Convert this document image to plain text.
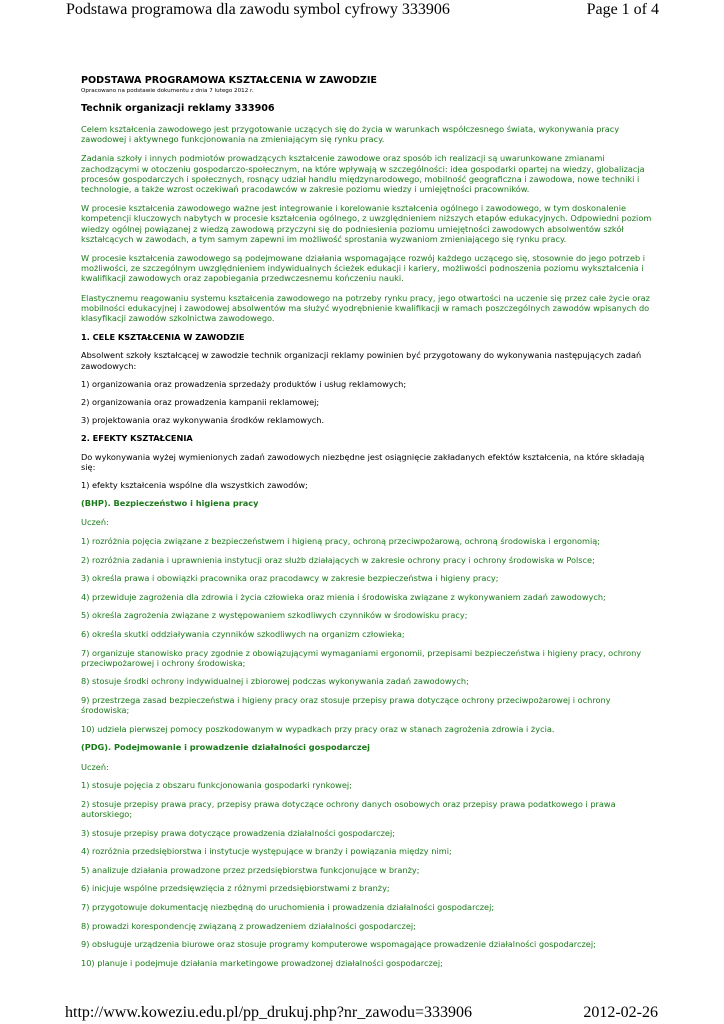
Podstawa programowa dla zawodu symbol cyfrowy 333906	Page 1 of 4

PODSTAWA PROGRAMOWA KSZTAŁCENIA W ZAWODZIE

Opracowano na podstawie dokumentu z dnia 7 lutego 2012 r.

Technik organizacji reklamy 333906

Celem kształcenia zawodowego jest przygotowanie uczących się do życia w warunkach współczesnego świata, wykonywania pracy zawodowej i aktywnego funkcjonowania na zmieniającym się rynku pracy.

Zadania szkoły i innych podmiotów prowadzących kształcenie zawodowe oraz sposób ich realizacji są uwarunkowane zmianami zachodzącymi w otoczeniu gospodarczo-społecznym, na które wpływają w szczególności: idea gospodarki opartej na wiedzy, globalizacja procesów gospodarczych i społecznych, rosnący udział handlu międzynarodowego, mobilność geograficzna i zawodowa, nowe techniki i technologie, a także wzrost oczekiwań pracodawców w zakresie poziomu wiedzy i umiejętności pracowników.

W procesie kształcenia zawodowego ważne jest integrowanie i korelowanie kształcenia ogólnego i zawodowego, w tym doskonalenie kompetencji kluczowych nabytych w procesie kształcenia ogólnego, z uwzględnieniem niższych etapów edukacyjnych. Odpowiedni poziom wiedzy ogólnej powiązanej z wiedzą zawodową przyczyni się do podniesienia poziomu umiejętności zawodowych absolwentów szkół kształcących w zawodach, a tym samym zapewni im możliwość sprostania wyzwaniom zmieniającego się rynku pracy.

W procesie kształcenia zawodowego są podejmowane działania wspomagające rozwój każdego uczącego się, stosownie do jego potrzeb i możliwości, ze szczególnym uwzględnieniem indywidualnych ścieżek edukacji i kariery, możliwości podnoszenia poziomu wykształcenia i kwalifikacji zawodowych oraz zapobiegania przedwczesnemu kończeniu nauki.

Elastycznemu reagowaniu systemu kształcenia zawodowego na potrzeby rynku pracy, jego otwartości na uczenie się przez całe życie oraz mobilności edukacyjnej i zawodowej absolwentów ma służyć wyodrębnienie kwalifikacji w ramach poszczególnych zawodów wpisanych do klasyfikacji zawodów szkolnictwa zawodowego.

1. CELE KSZTAŁCENIA W ZAWODZIE

Absolwent szkoły kształcącej w zawodzie technik organizacji reklamy powinien być przygotowany do wykonywania następujących zadań zawodowych:

1) organizowania oraz prowadzenia sprzedaży produktów i usług reklamowych;

2) organizowania oraz prowadzenia kampanii reklamowej;

3) projektowania oraz wykonywania środków reklamowych.

2. EFEKTY KSZTAŁCENIA

Do wykonywania wyżej wymienionych zadań zawodowych niezbędne jest osiągnięcie zakładanych efektów kształcenia, na które składają się:

1) efekty kształcenia wspólne dla wszystkich zawodów;

(BHP). Bezpieczeństwo i higiena pracy

Uczeń:

1) rozróżnia pojęcia związane z bezpieczeństwem i higieną pracy, ochroną przeciwpożarową, ochroną środowiska i ergonomią;

2) rozróżnia zadania i uprawnienia instytucji oraz służb działających w zakresie ochrony pracy i ochrony środowiska w Polsce;

3) określa prawa i obowiązki pracownika oraz pracodawcy w zakresie bezpieczeństwa i higieny pracy;

4) przewiduje zagrożenia dla zdrowia i życia człowieka oraz mienia i środowiska związane z wykonywaniem zadań zawodowych;

5) określa zagrożenia związane z występowaniem szkodliwych czynników w środowisku pracy;

6) określa skutki oddziaływania czynników szkodliwych na organizm człowieka;

7) organizuje stanowisko pracy zgodnie z obowiązującymi wymaganiami ergonomii, przepisami bezpieczeństwa i higieny pracy, ochrony przeciwpożarowej i ochrony środowiska;

8) stosuje środki ochrony indywidualnej i zbiorowej podczas wykonywania zadań zawodowych;

9) przestrzega zasad bezpieczeństwa i higieny pracy oraz stosuje przepisy prawa dotyczące ochrony przeciwpożarowej i ochrony środowiska;

10) udziela pierwszej pomocy poszkodowanym w wypadkach przy pracy oraz w stanach zagrożenia zdrowia i życia.

(PDG). Podejmowanie i prowadzenie działalności gospodarczej

Uczeń:

1) stosuje pojęcia z obszaru funkcjonowania gospodarki rynkowej;

2) stosuje przepisy prawa pracy, przepisy prawa dotyczące ochrony danych osobowych oraz przepisy prawa podatkowego i prawa autorskiego;

3) stosuje przepisy prawa dotyczące prowadzenia działalności gospodarczej;

4) rozróżnia przedsiębiorstwa i instytucje występujące w branży i powiązania między nimi;

5) analizuje działania prowadzone przez przedsiębiorstwa funkcjonujące w branży;

6) inicjuje wspólne przedsięwzięcia z różnymi przedsiębiorstwami z branży;

7) przygotowuje dokumentację niezbędną do uruchomienia i prowadzenia działalności gospodarczej;

8) prowadzi korespondencję związaną z prowadzeniem działalności gospodarczej;

9) obsługuje urządzenia biurowe oraz stosuje programy komputerowe wspomagające prowadzenie działalności gospodarczej;

10) planuje i podejmuje działania marketingowe prowadzonej działalności gospodarczej;

http://www.koweziu.edu.pl/pp_drukuj.php?nr_zawodu=333906	2012-02-26
